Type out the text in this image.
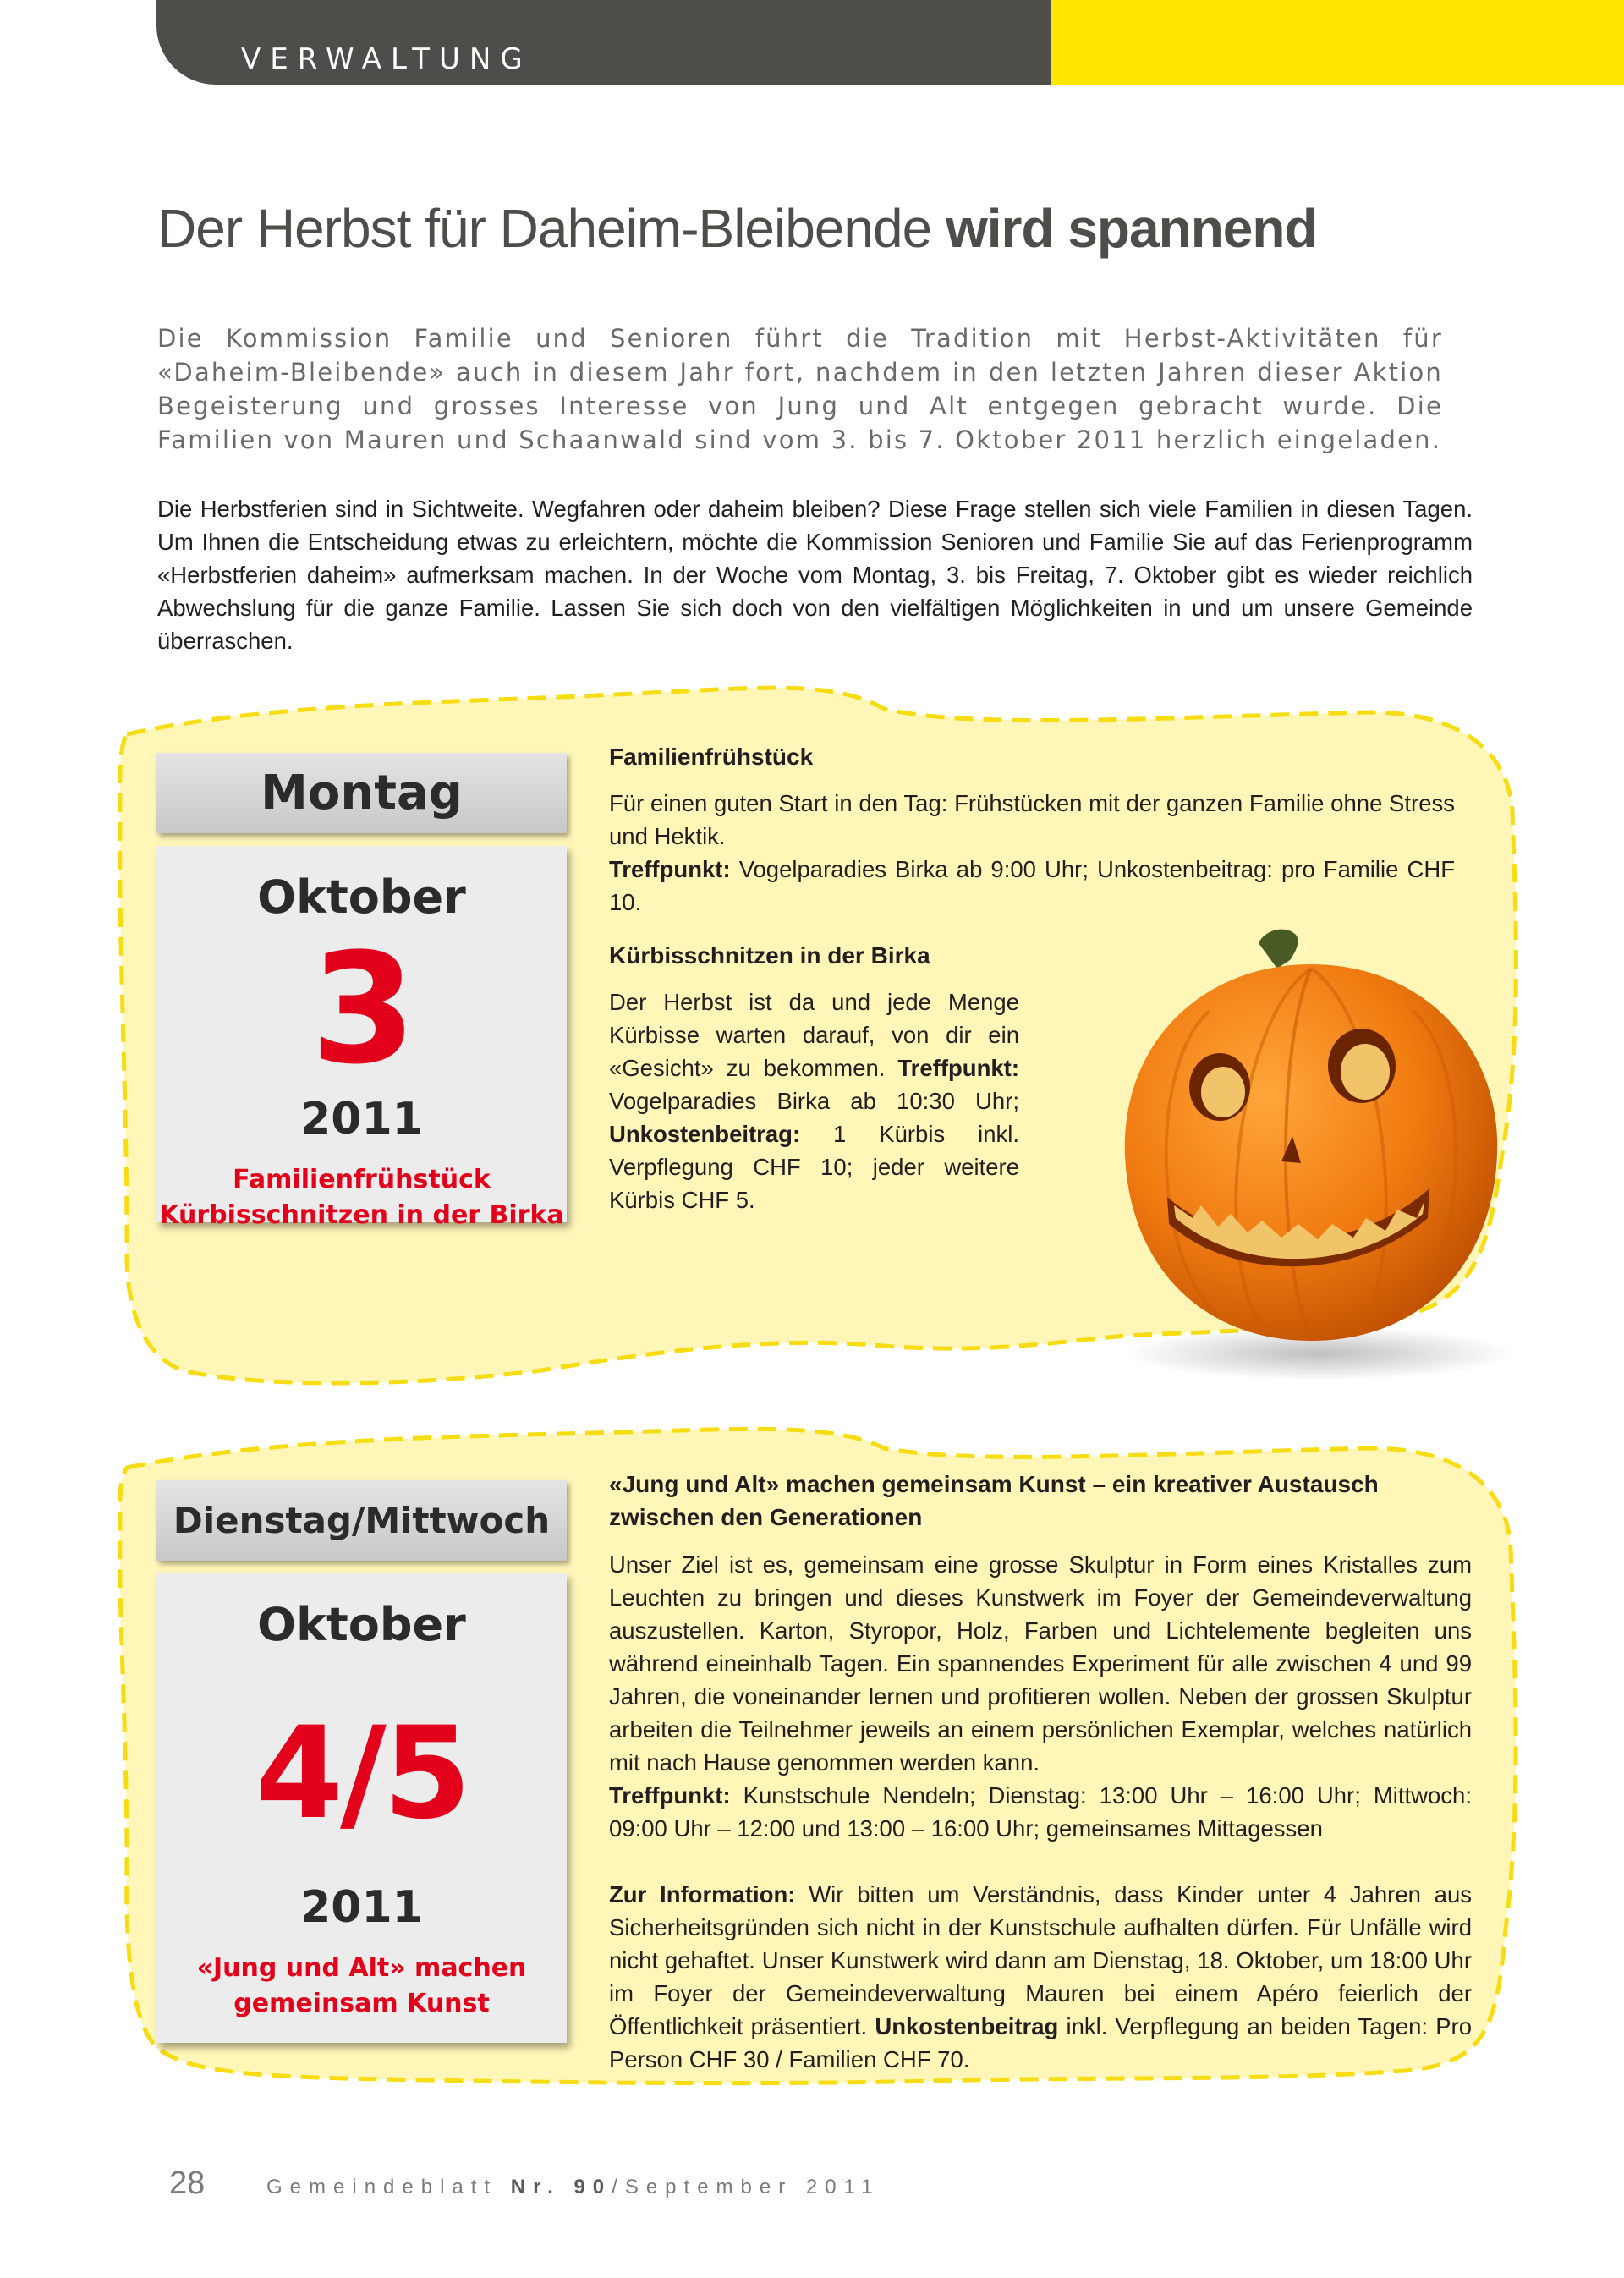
VERWALTUNG
Der Herbst für Daheim-Bleibende wird spannend
Die Kommission Familie und Senioren führt die Tradition mit Herbst-Aktivitäten für «Daheim-Bleibende» auch in diesem Jahr fort, nachdem in den letzten Jahren dieser Aktion Begeisterung und grosses Interesse von Jung und Alt entgegen gebracht wurde. Die Familien von Mauren und Schaanwald sind vom 3. bis 7. Oktober 2011 herzlich eingeladen.
Die Herbstferien sind in Sichtweite. Wegfahren oder daheim bleiben? Diese Frage stellen sich viele Familien in diesen Tagen. Um Ihnen die Entscheidung etwas zu erleichtern, möchte die Kommission Senioren und Familie Sie auf das Ferienprogramm «Herbstferien daheim» aufmerksam machen. In der Woche vom Montag, 3. bis Freitag, 7. Oktober gibt es wieder reichlich Abwechslung für die ganze Familie. Lassen Sie sich doch von den vielfältigen Möglichkeiten in und um unsere Gemeinde überraschen.
Montag
Oktober
3
2011
Familienfrühstück
Kürbisschnitzen in der Birka
Familienfrühstück
Für einen guten Start in den Tag: Frühstücken mit der ganzen Familie ohne Stress und Hektik.
Treffpunkt: Vogelparadies Birka ab 9:00 Uhr; Unkostenbeitrag: pro Familie CHF 10.
Kürbisschnitzen in der Birka
Der Herbst ist da und jede Menge Kürbisse warten darauf, von dir ein «Gesicht» zu bekommen. Treffpunkt: Vogelparadies Birka ab 10:30 Uhr; Unkostenbeitrag: 1 Kürbis inkl. Verpflegung CHF 10; jeder weitere Kürbis CHF 5.
Dienstag/Mittwoch
Oktober
4/5
2011
«Jung und Alt» machen
gemeinsam Kunst
«Jung und Alt» machen gemeinsam Kunst – ein kreativer Austausch zwischen den Generationen
Unser Ziel ist es, gemeinsam eine grosse Skulptur in Form eines Kristalles zum Leuchten zu bringen und dieses Kunstwerk im Foyer der Gemeindeverwaltung auszustellen. Karton, Styropor, Holz, Farben und Lichtelemente begleiten uns während eineinhalb Tagen. Ein spannendes Experiment für alle zwischen 4 und 99 Jahren, die voneinander lernen und profitieren wollen. Neben der grossen Skulptur arbeiten die Teilnehmer jeweils an einem persönlichen Exemplar, welches natürlich mit nach Hause genommen werden kann.
Treffpunkt: Kunstschule Nendeln; Dienstag: 13:00 Uhr – 16:00 Uhr; Mittwoch: 09:00 Uhr – 12:00 und 13:00 – 16:00 Uhr; gemeinsames Mittagessen
Zur Information: Wir bitten um Verständnis, dass Kinder unter 4 Jahren aus Sicherheitsgründen sich nicht in der Kunstschule aufhalten dürfen. Für Unfälle wird nicht gehaftet. Unser Kunstwerk wird dann am Dienstag, 18. Oktober, um 18:00 Uhr im Foyer der Gemeindeverwaltung Mauren bei einem Apéro feierlich der Öffentlichkeit präsentiert. Unkostenbeitrag inkl. Verpflegung an beiden Tagen: Pro Person CHF 30 / Familien CHF 70.
28	Gemeindeblatt Nr. 90/September 2011
